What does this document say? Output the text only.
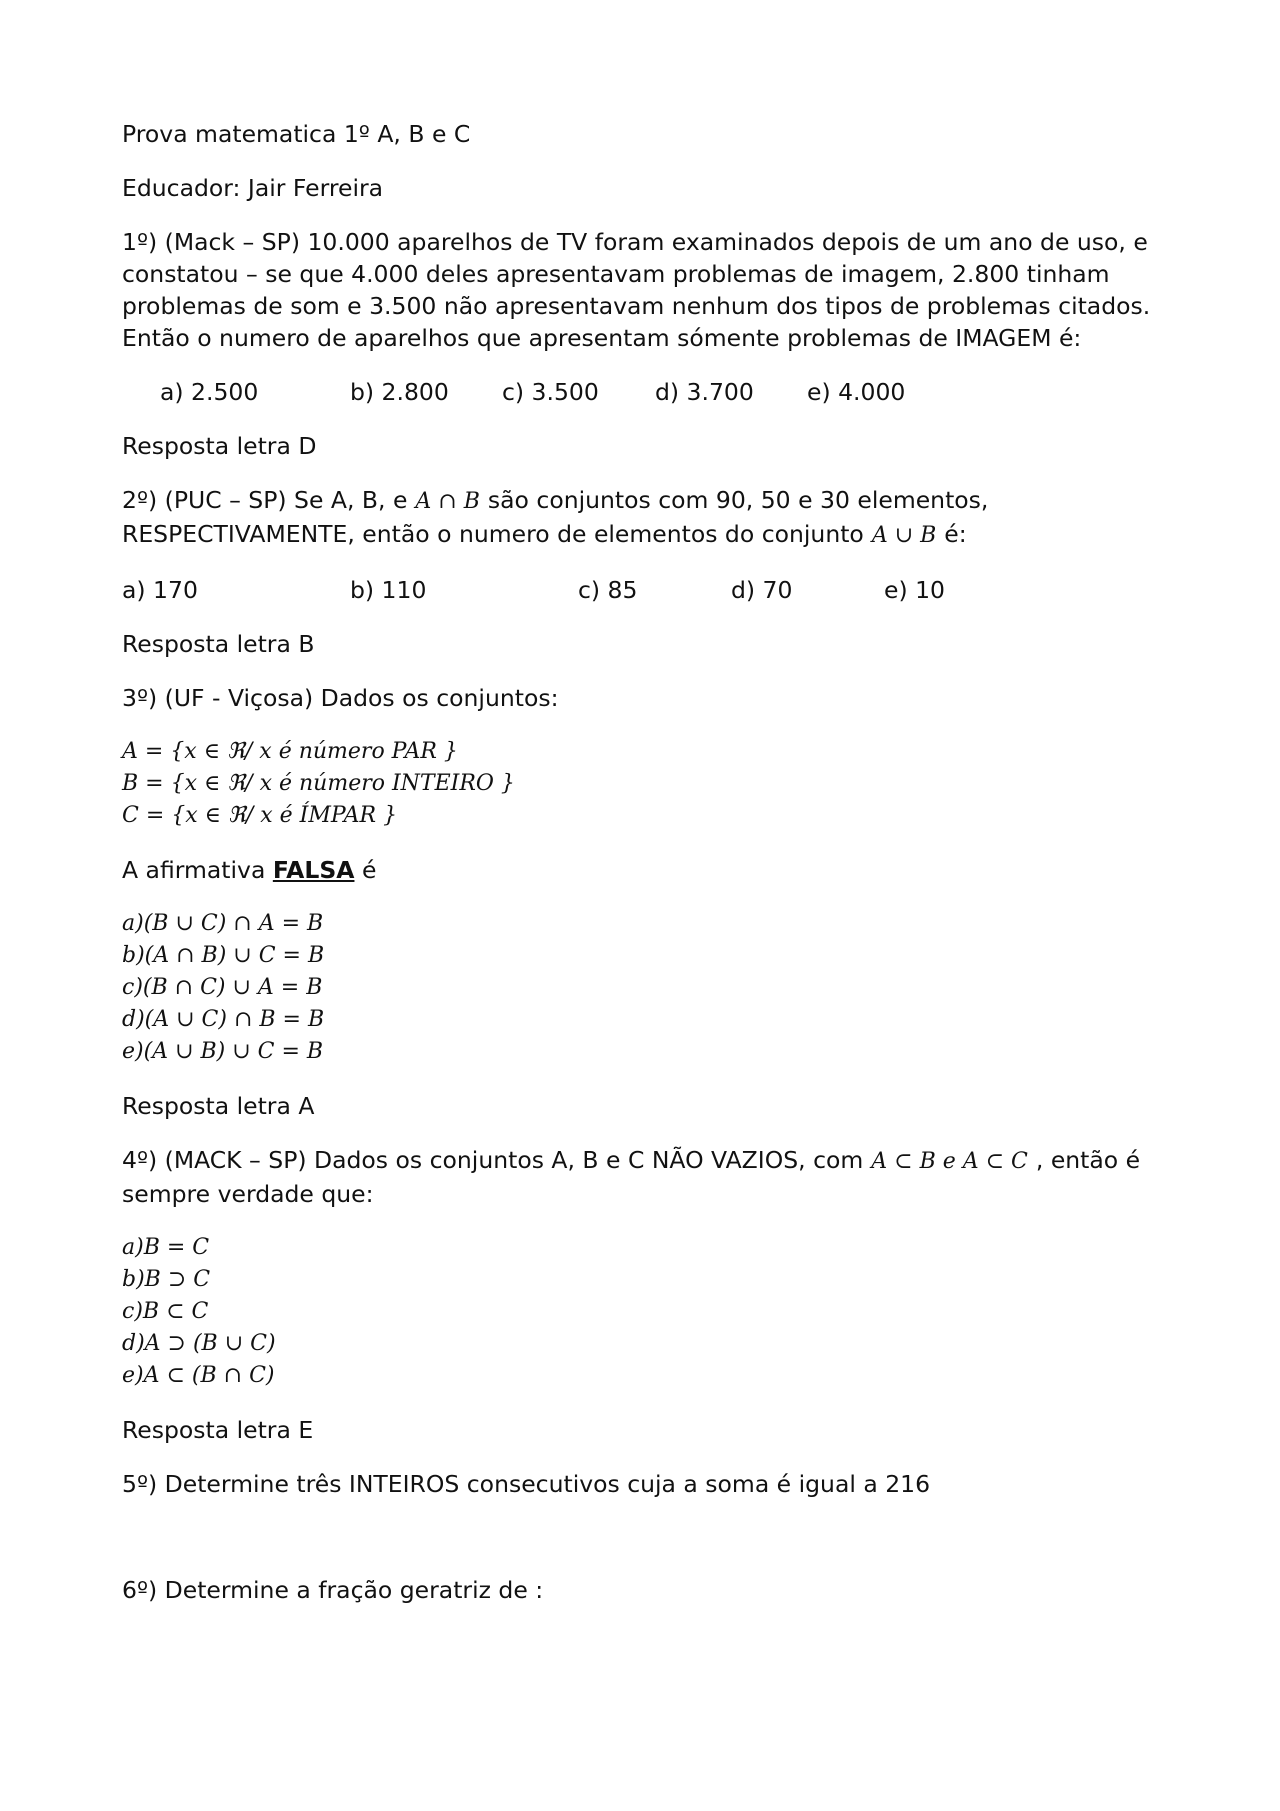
Prova matematica 1º A, B e C

Educador: Jair Ferreira

1º) (Mack – SP) 10.000 aparelhos de TV foram examinados depois de um ano de uso, e constatou – se que 4.000 deles apresentavam problemas de imagem, 2.800 tinham problemas de som e 3.500 não apresentavam nenhum dos tipos de problemas citados. Então o numero de aparelhos que apresentam sómente problemas de IMAGEM é:

a) 2.500	b) 2.800	c) 3.500	d) 3.700	e) 4.000

Resposta letra D

2º) (PUC – SP) Se A, B, e A ∩ B são conjuntos com 90, 50 e 30 elementos,

RESPECTIVAMENTE, então o numero de elementos do conjunto A ∪ B é:

a) 170	b) 110	c) 85	d) 70	e) 10

Resposta letra B

3º) (UF - Viçosa) Dados os conjuntos:

A = {x ∈ ℜ/ x é número PAR }
B = {x ∈ ℜ/ x é número INTEIRO }
C = {x ∈ ℜ/ x é ÍMPAR }

A afirmativa FALSA é

a)(B ∪ C) ∩ A = B
b)(A ∩ B) ∪ C = B
c)(B ∩ C) ∪ A = B
d)(A ∪ C) ∩ B = B
e)(A ∪ B) ∪ C = B

Resposta letra A

4º) (MACK – SP) Dados os conjuntos A, B e C NÃO VAZIOS, com A ⊂ B e A ⊂ C , então é

sempre verdade que:

a)B = C
b)B ⊃ C
c)B ⊂ C
d)A ⊃ (B ∪ C)
e)A ⊂ (B ∩ C)

Resposta letra E

5º) Determine três INTEIROS consecutivos cuja a soma é igual a 216

6º) Determine a fração geratriz de :
